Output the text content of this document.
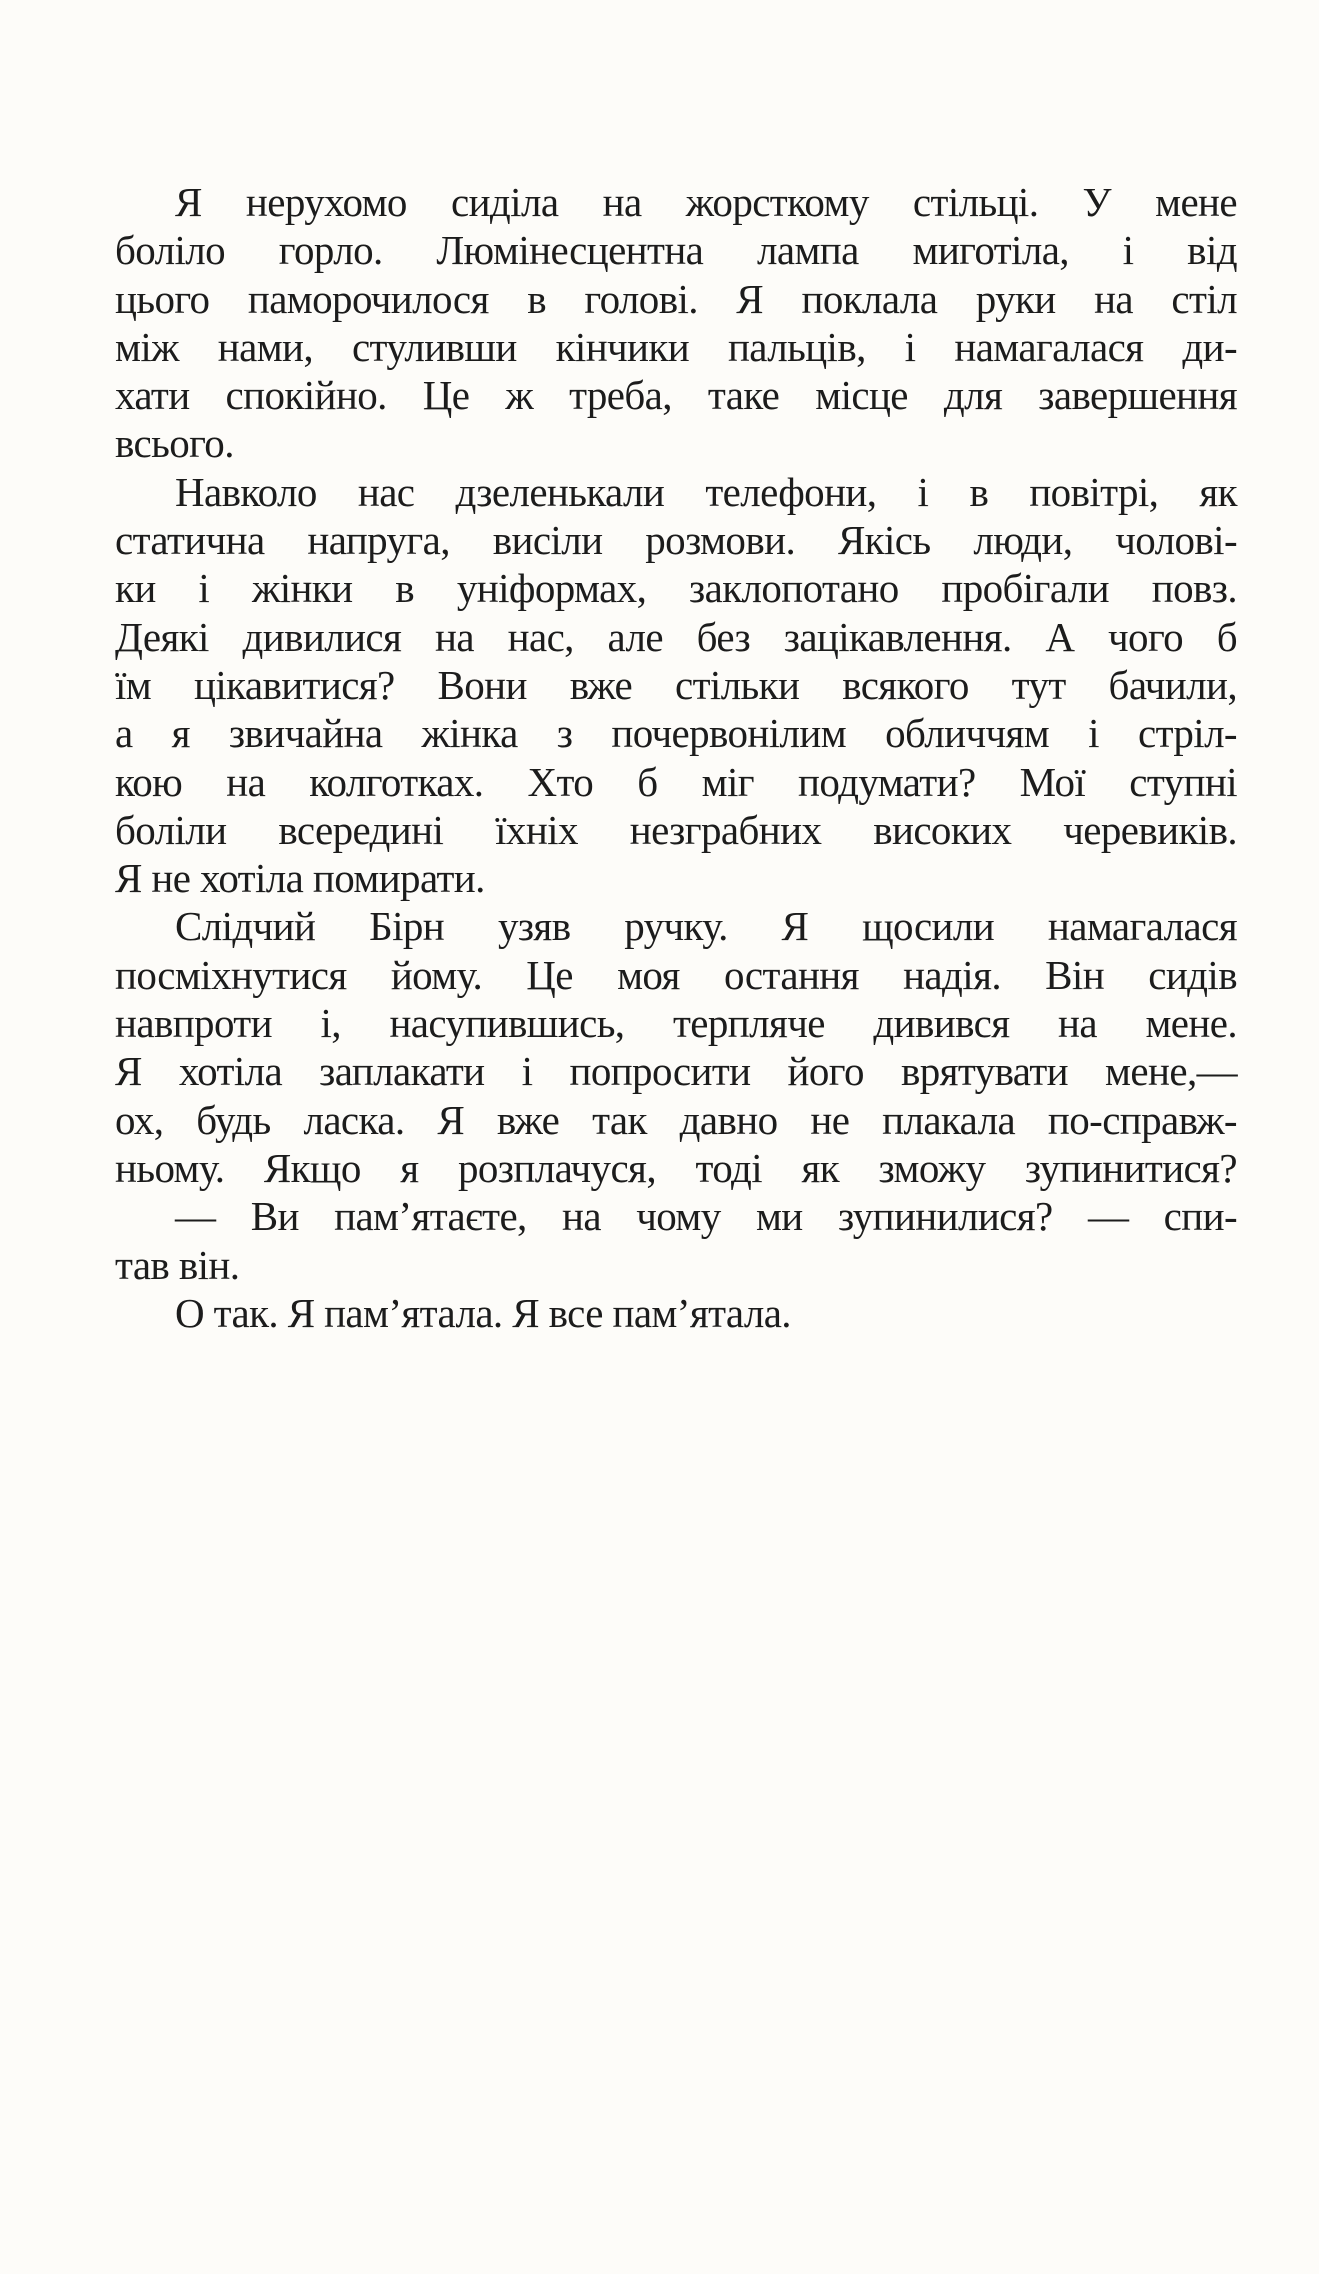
Я нерухомо сиділа на жорсткому стільці. У мене
боліло горло. Люмінесцентна лампа миготіла, і від
цього паморочилося в голові. Я поклала руки на стіл
між нами, стуливши кінчики пальців, і намагалася ди-
хати спокійно. Це ж треба, таке місце для завершення
всього.

Навколо нас дзеленькали телефони, і в повітрі, як
статична напруга, висіли розмови. Якісь люди, чолові-
ки і жінки в уніформах, заклопотано пробігали повз.
Деякі дивилися на нас, але без зацікавлення. А чого б
їм цікавитися? Вони вже стільки всякого тут бачили,
а я звичайна жінка з почервонілим обличчям і стріл-
кою на колготках. Хто б міг подумати? Мої ступні
боліли всередині їхніх незграбних високих черевиків.
Я не хотіла помирати.

Слідчий Бірн узяв ручку. Я щосили намагалася
посміхнутися йому. Це моя остання надія. Він сидів
навпроти і, насупившись, терпляче дивився на мене.
Я хотіла заплакати і попросити його врятувати мене,—
ох, будь ласка. Я вже так давно не плакала по-справж-
ньому. Якщо я розплачуся, тоді як зможу зупинитися?

— Ви пам’ятаєте, на чому ми зупинилися? — спи-
тав він.

О так. Я пам’ятала. Я все пам’ятала.
